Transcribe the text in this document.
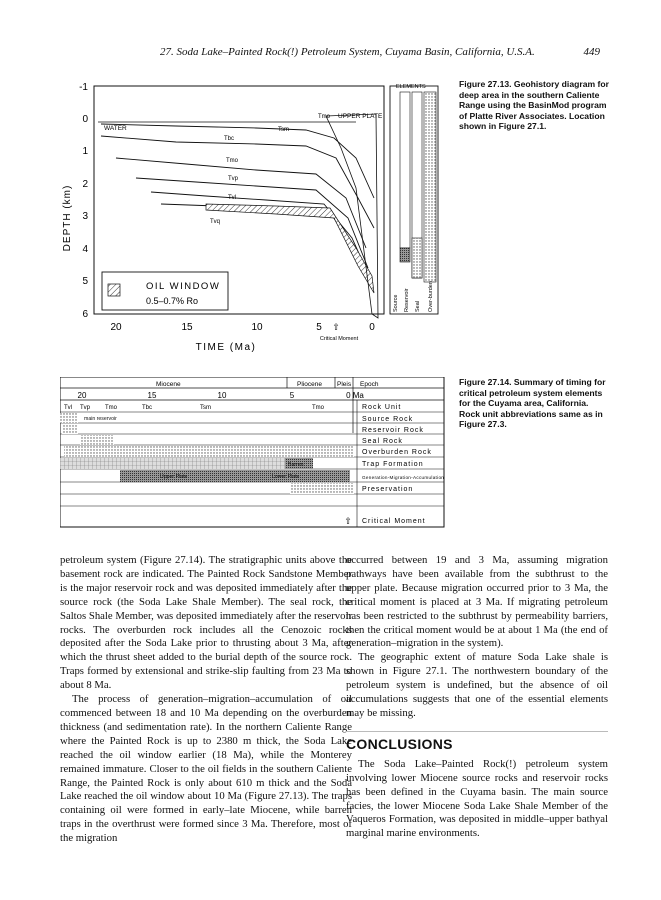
27. Soda Lake–Painted Rock(!) Petroleum System, Cuyama Basin, California, U.S.A.	449
DEPTH (km)
-1
0
1
2
3
4
5
6
WATER
UPPER PLATE
Tmo
Tsm
Tbc
Tmo
Tvp
Tvl
Tvq
OIL WINDOW
0.5–0.7% Ro
20	15	10	5	0
⇧
Critical Moment
TIME (Ma)
ELEMENTS
Source Reservoir Seal Over-burden
Figure 27.13. Geohistory diagram for deep area in the southern Caliente Range using the BasinMod program of Platte River Associates. Location shown in Figure 27.1.
Miocene	Pliocene Pleis Epoch
20	15	10	5	0 Ma
Tvl Tvp Tmo	Tbc	Tsm	Tmo
main reservoir
Barren
Upper Plate	Lower Plate
Rock Unit
Source Rock
Reservoir Rock
Seal Rock
Overburden Rock
Trap Formation
Generation-Migration-Accumulation
Preservation
Critical Moment
⇧
Figure 27.14. Summary of timing for critical petroleum system elements for the Cuyama area, California. Rock unit abbreviations same as in Figure 27.3.

petroleum system (Figure 27.14). The stratigraphic units above the basement rock are indicated. The Painted Rock Sandstone Member is the major reservoir rock and was deposited immediately after the source rock (the Soda Lake Shale Member). The seal rock, the Saltos Shale Member, was deposited immediately after the reservoir rocks. The overburden rock includes all the Cenozoic rocks deposited after the Soda Lake prior to thrusting about 3 Ma, after which the thrust sheet added to the burial depth of the source rock. Traps formed by extensional and strike-slip faulting from 23 Ma to about 8 Ma.

The process of generation–migration–accumulation of oil commenced between 18 and 10 Ma depending on the overburden thickness (and sedimentation rate). In the northern Caliente Range where the Painted Rock is up to 2380 m thick, the Soda Lake reached the oil window earlier (18 Ma), while the Monterey remained immature. Closer to the oil fields in the southern Caliente Range, the Painted Rock is only about 610 m thick and the Soda Lake reached the oil window about 10 Ma (Figure 27.13). The traps containing oil were formed in early–late Miocene, while barren traps in the overthrust were formed since 3 Ma. Therefore, most of the migration

occurred between 19 and 3 Ma, assuming migration pathways have been available from the subthrust to the upper plate. Because migration occurred prior to 3 Ma, the critical moment is placed at 3 Ma. If migrating petroleum has been restricted to the subthrust by permeability barriers, then the critical moment would be at about 1 Ma (the end of generation–migration in the system).

The geographic extent of mature Soda Lake shale is shown in Figure 27.1. The northwestern boundary of the petroleum system is undefined, but the absence of oil accumulations suggests that one of the essential elements may be missing.

CONCLUSIONS

The Soda Lake–Painted Rock(!) petroleum system involving lower Miocene source rocks and reservoir rocks has been defined in the Cuyama basin. The main source facies, the lower Miocene Soda Lake Shale Member of the Vaqueros Formation, was deposited in middle–upper bathyal marginal marine environments.
